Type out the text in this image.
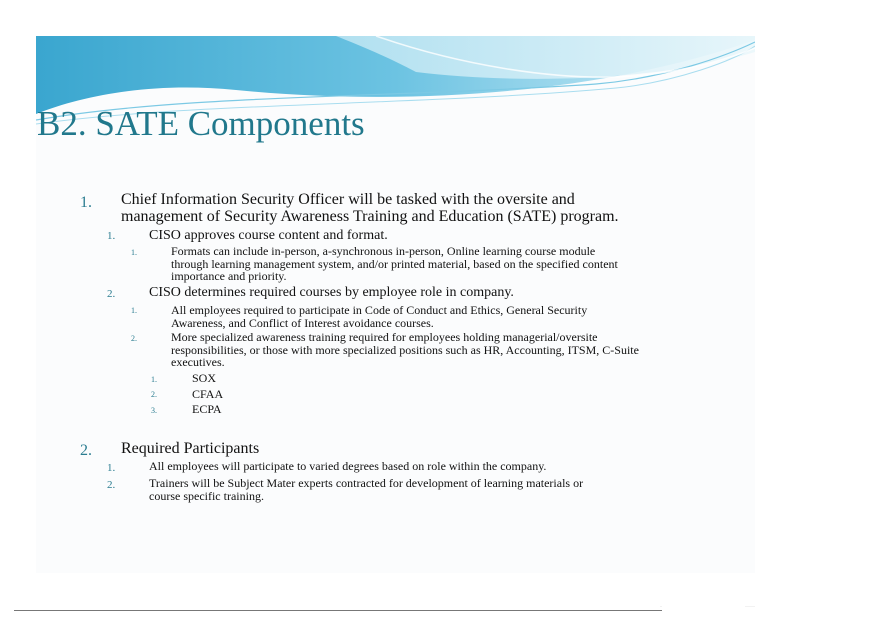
B2. SATE Components
1. Chief Information Security Officer will be tasked with the oversite and
management of Security Awareness Training and Education (SATE) program.
1. CISO approves course content and format.
1.	Formats can include in-person, a-synchronous in-person, Online learning course module
through learning management system, and/or printed material, based on the specified content
importance and priority.
2. CISO determines required courses by employee role in company.
1.	All employees required to participate in Code of Conduct and Ethics, General Security
Awareness, and Conflict of Interest avoidance courses.
2.	More specialized awareness training required for employees holding managerial/oversite
responsibilities, or those with more specialized positions such as HR, Accounting, ITSM, C-Suite
executives.
1.	SOX
2.	CFAA
3.	ECPA
2. Required Participants
1.	All employees will participate to varied degrees based on role within the company.
2.	Trainers will be Subject Mater experts contracted for development of learning materials or
course specific training.
·	·····
